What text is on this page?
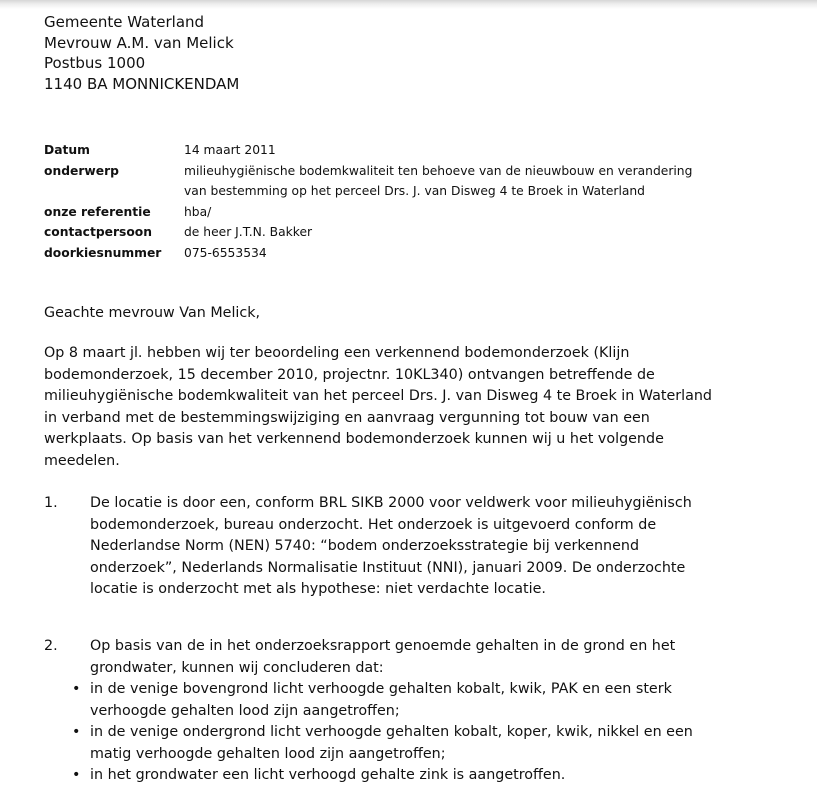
Gemeente Waterland
Mevrouw A.M. van Melick
Postbus 1000
1140 BA MONNICKENDAM
Datum	14 maart 2011
onderwerp	milieuhygiënische bodemkwaliteit ten behoeve van de nieuwbouw en verandering
van bestemming op het perceel Drs. J. van Disweg 4 te Broek in Waterland
onze referentie	hba/
contactpersoon	de heer J.T.N. Bakker
doorkiesnummer	075-6553534
Geachte mevrouw Van Melick,
Op 8 maart jl. hebben wij ter beoordeling een verkennend bodemonderzoek (Klijn
bodemonderzoek, 15 december 2010, projectnr. 10KL340) ontvangen betreffende de
milieuhygiënische bodemkwaliteit van het perceel Drs. J. van Disweg 4 te Broek in Waterland
in verband met de bestemmingswijziging en aanvraag vergunning tot bouw van een
werkplaats. Op basis van het verkennend bodemonderzoek kunnen wij u het volgende
meedelen.
1.	De locatie is door een, conform BRL SIKB 2000 voor veldwerk voor milieuhygiënisch
bodemonderzoek, bureau onderzocht. Het onderzoek is uitgevoerd conform de
Nederlandse Norm (NEN) 5740: “bodem onderzoeksstrategie bij verkennend
onderzoek”, Nederlands Normalisatie Instituut (NNI), januari 2009. De onderzochte
locatie is onderzocht met als hypothese: niet verdachte locatie.
2.	Op basis van de in het onderzoeksrapport genoemde gehalten in de grond en het
grondwater, kunnen wij concluderen dat:
• in de venige bovengrond licht verhoogde gehalten kobalt, kwik, PAK en een sterk
verhoogde gehalten lood zijn aangetroffen;
• in de venige ondergrond licht verhoogde gehalten kobalt, koper, kwik, nikkel en een
matig verhoogde gehalten lood zijn aangetroffen;
• in het grondwater een licht verhoogd gehalte zink is aangetroffen.
